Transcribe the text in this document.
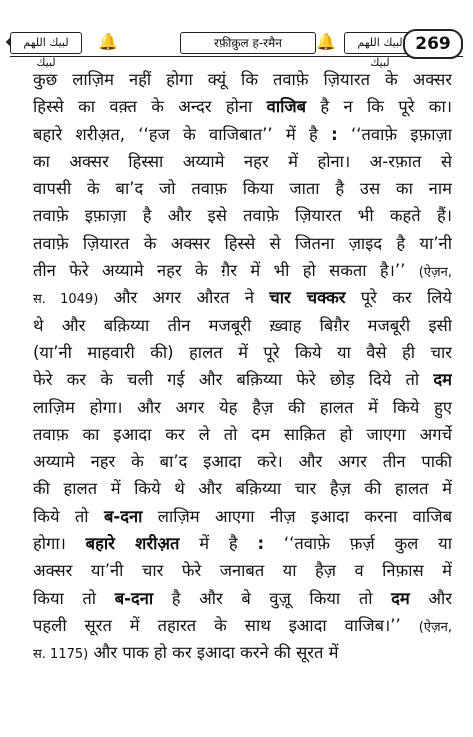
لبيك اللهم لبيك
🔔	रफ़ीक़ुल ह-रमैन	🔔	لبيك اللهم لبيك
269
कुछ लाज़िम नहीं होगा क्यूं कि तवाफ़े ज़ियारत के अक्सर
हिस्से का वक़्त के अन्दर होना वाजिब है न कि पूरे का।
बहारे शरीअ़त, ‘‘हज के वाजिबात’’ में है : ‘‘तवाफ़े इफ़ाज़ा
का अक्सर हिस्सा अय्यामे नहर में होना। अ-रफ़ात से
वापसी के बा’द जो तवाफ़ किया जाता है उस का नाम
तवाफ़े इफ़ाज़ा है और इसे तवाफ़े ज़ियारत भी कहते हैं।
तवाफ़े ज़ियारत के अक्सर हिस्से से जितना ज़ाइद है या’नी
तीन फेरे अय्यामे नहर के ग़ैर में भी हो सकता है।’’ (ऐज़न,
स. 1049) और अगर औरत ने चार चक्कर पूरे कर लिये
थे और बक़िय्या तीन मजबूरी ख़्वाह बिग़ैर मजबूरी इसी
(या’नी माहवारी की) हालत में पूरे किये या वैसे ही चार
फेरे कर के चली गई और बक़िय्या फेरे छोड़ दिये तो दम
लाज़िम होगा। और अगर येह हैज़ की हालत में किये हुए
तवाफ़ का इआदा कर ले तो दम साक़ित हो जाएगा अगर्चे
अय्यामे नहर के बा’द इआदा करे। और अगर तीन पाकी
की हालत में किये थे और बक़िय्या चार हैज़ की हालत में
किये तो ब-दना लाज़िम आएगा नीज़ इआदा करना वाजिब
होगा। बहारे शरीअ़त में है : ‘‘तवाफ़े फ़र्ज़ कुल या
अक्सर या’नी चार फेरे जनाबत या हैज़ व निफ़ास में
किया तो ब-दना है और बे वुज़ू किया तो दम और
पहली सूरत में तहारत के साथ इआदा वाजिब।’’ (ऐज़न,
स. 1175) और पाक हो कर इआदा करने की सूरत में
